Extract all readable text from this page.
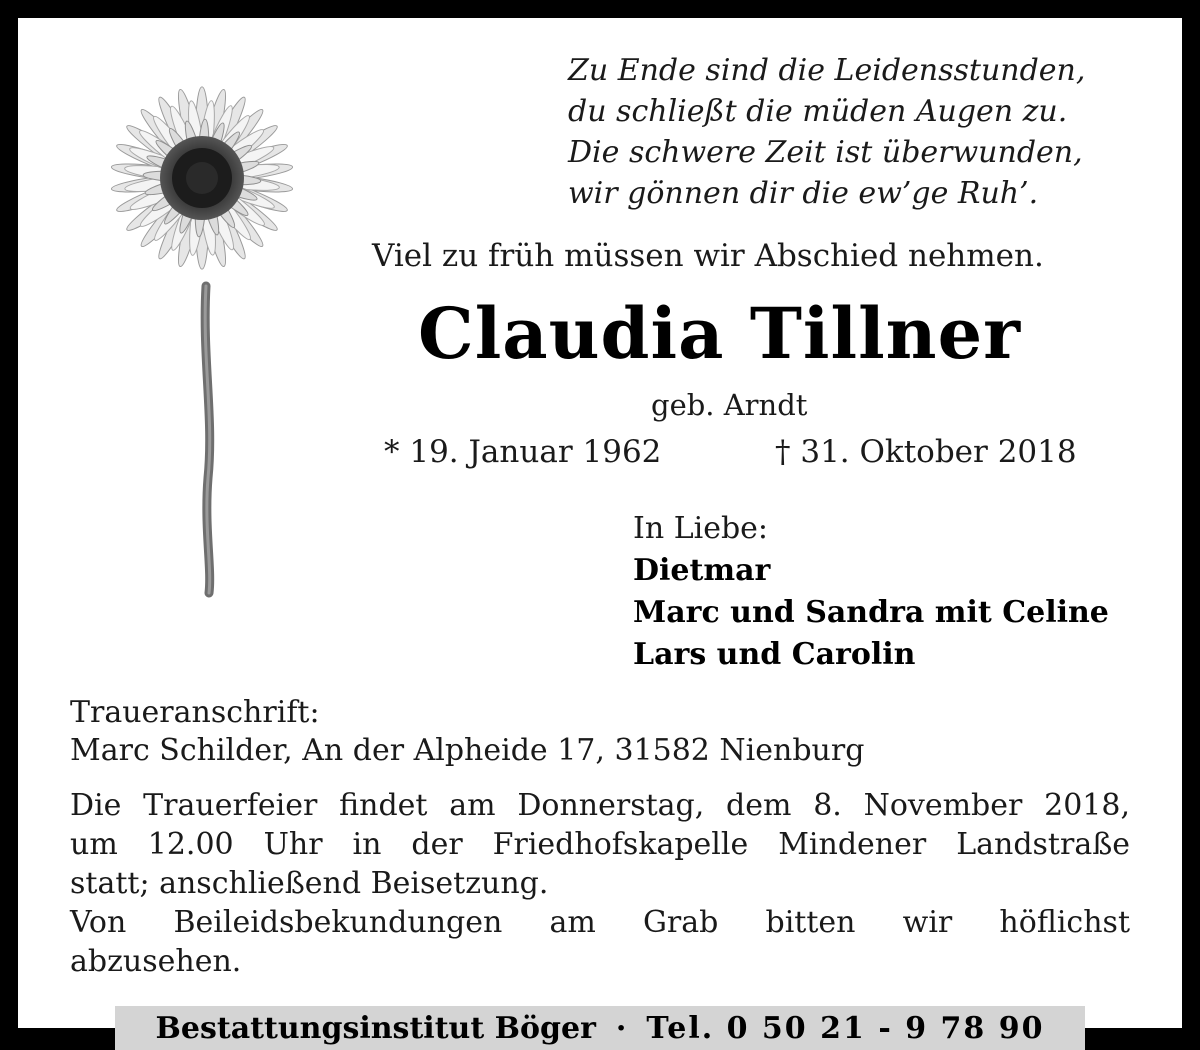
Zu Ende sind die Leidensstunden,
du schließt die müden Augen zu.
Die schwere Zeit ist überwunden,
wir gönnen dir die ew’ge Ruh’.
Viel zu früh müssen wir Abschied nehmen.
Claudia Tillner
geb. Arndt
* 19. Januar 1962	† 31. Oktober 2018
In Liebe:
Dietmar
Marc und Sandra mit Celine
Lars und Carolin
Traueranschrift:
Marc Schilder, An der Alpheide 17, 31582 Nienburg
Die Trauerfeier findet am Donnerstag, dem 8. November 2018,
um 12.00 Uhr in der Friedhofskapelle Mindener Landstraße
statt; anschließend Beisetzung.
Von Beileidsbekundungen am Grab bitten wir höflichst
abzusehen.
Bestattungsinstitut Böger · Tel. 0 50 21 - 9 78 90
